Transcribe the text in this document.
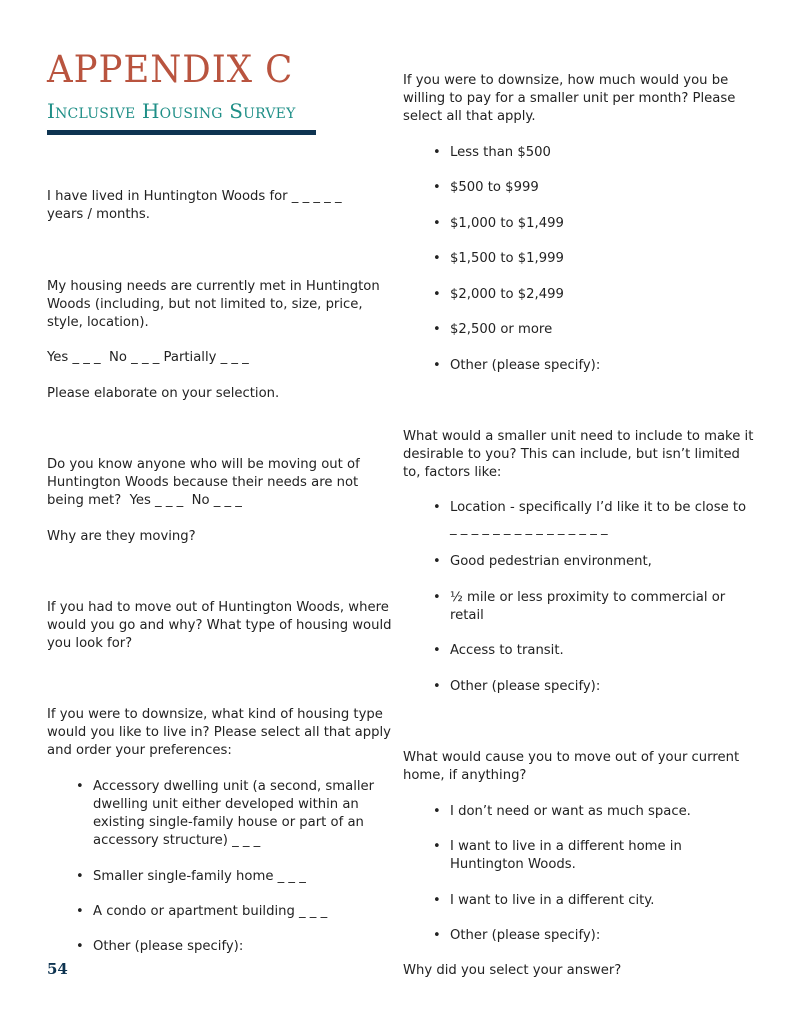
APPENDIX C
Inclusive Housing Survey

I have lived in Huntington Woods for _ _ _ _ _ years / months.

My housing needs are currently met in Huntington Woods (including, but not limited to, size, price, style, location).

Yes _ _ _  No _ _ _ Partially _ _ _

Please elaborate on your selection.

Do you know anyone who will be moving out of Huntington Woods because their needs are not being met?  Yes _ _ _  No _ _ _

Why are they moving?

If you had to move out of Huntington Woods, where would you go and why? What type of housing would you look for?

If you were to downsize, what kind of housing type would you like to live in? Please select all that apply and order your preferences:

• Accessory dwelling unit (a second, smaller dwelling unit either developed within an existing single-family house or part of an accessory structure) _ _ _
• Smaller single-family home _ _ _
• A condo or apartment building _ _ _
• Other (please specify):

54

If you were to downsize, how much would you be willing to pay for a smaller unit per month? Please select all that apply.

• Less than $500
• $500 to $999
• $1,000 to $1,499
• $1,500 to $1,999
• $2,000 to $2,499
• $2,500 or more
• Other (please specify):

What would a smaller unit need to include to make it desirable to you? This can include, but isn’t limited to, factors like:

• Location - specifically I’d like it to be close to
_ _ _ _ _ _ _ _ _ _ _ _ _ _ _
• Good pedestrian environment,
• ½ mile or less proximity to commercial or retail
• Access to transit.
• Other (please specify):

What would cause you to move out of your current home, if anything?

• I don’t need or want as much space.
• I want to live in a different home in Huntington Woods.
• I want to live in a different city.
• Other (please specify):

Why did you select your answer?
